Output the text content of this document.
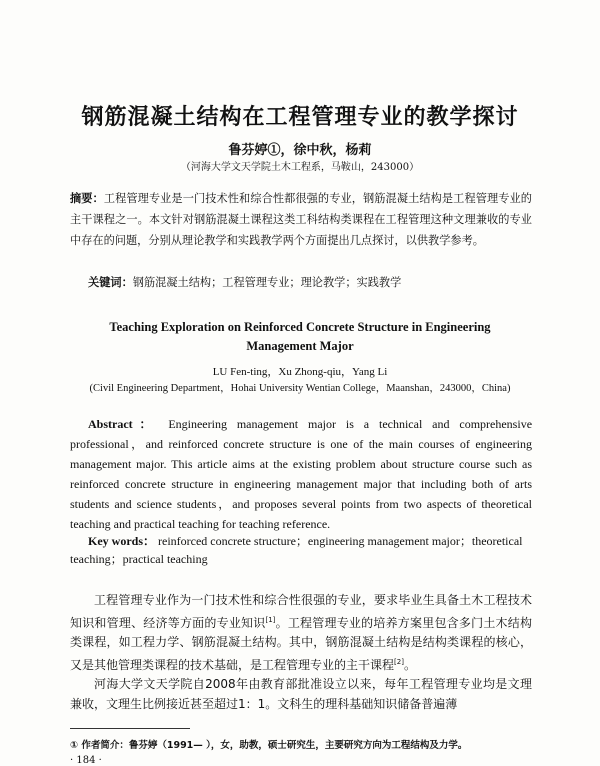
钢筋混凝土结构在工程管理专业的教学探讨
鲁芬婷①，徐中秋，杨莉
（河海大学文天学院土木工程系，马鞍山，243000）
摘要：工程管理专业是一门技术性和综合性都很强的专业，钢筋混凝土结构是工程管理专业的主干课程之一。本文针对钢筋混凝土课程这类工科结构类课程在工程管理这种文理兼收的专业中存在的问题，分别从理论教学和实践教学两个方面提出几点探讨，以供教学参考。
关键词：钢筋混凝土结构；工程管理专业；理论教学；实践教学
Teaching Exploration on Reinforced Concrete Structure in Engineering Management Major
LU Fen-ting，Xu Zhong-qiu，Yang Li
(Civil Engineering Department，Hohai University Wentian College，Maanshan，243000，China)
Abstract： Engineering management major is a technical and comprehensive professional，and reinforced concrete structure is one of the main courses of engineering management major. This article aims at the existing problem about structure course such as reinforced concrete structure in engineering management major that including both of arts students and science students，and proposes several points from two aspects of theoretical teaching and practical teaching for teaching reference.
Key words： reinforced concrete structure；engineering management major；theoretical teaching；practical teaching

工程管理专业作为一门技术性和综合性很强的专业，要求毕业生具备土木工程技术知识和管理、经济等方面的专业知识[1]。工程管理专业的培养方案里包含多门土木结构类课程，如工程力学、钢筋混凝土结构。其中，钢筋混凝土结构是结构类课程的核心，又是其他管理类课程的技术基础，是工程管理专业的主干课程[2]。

河海大学文天学院自2008年由教育部批准设立以来，每年工程管理专业均是文理兼收，文理生比例接近甚至超过1：1。文科生的理科基础知识储备普遍薄

① 作者简介：鲁芬婷（1991— ），女，助教，硕士研究生，主要研究方向为工程结构及力学。
· 184 ·
